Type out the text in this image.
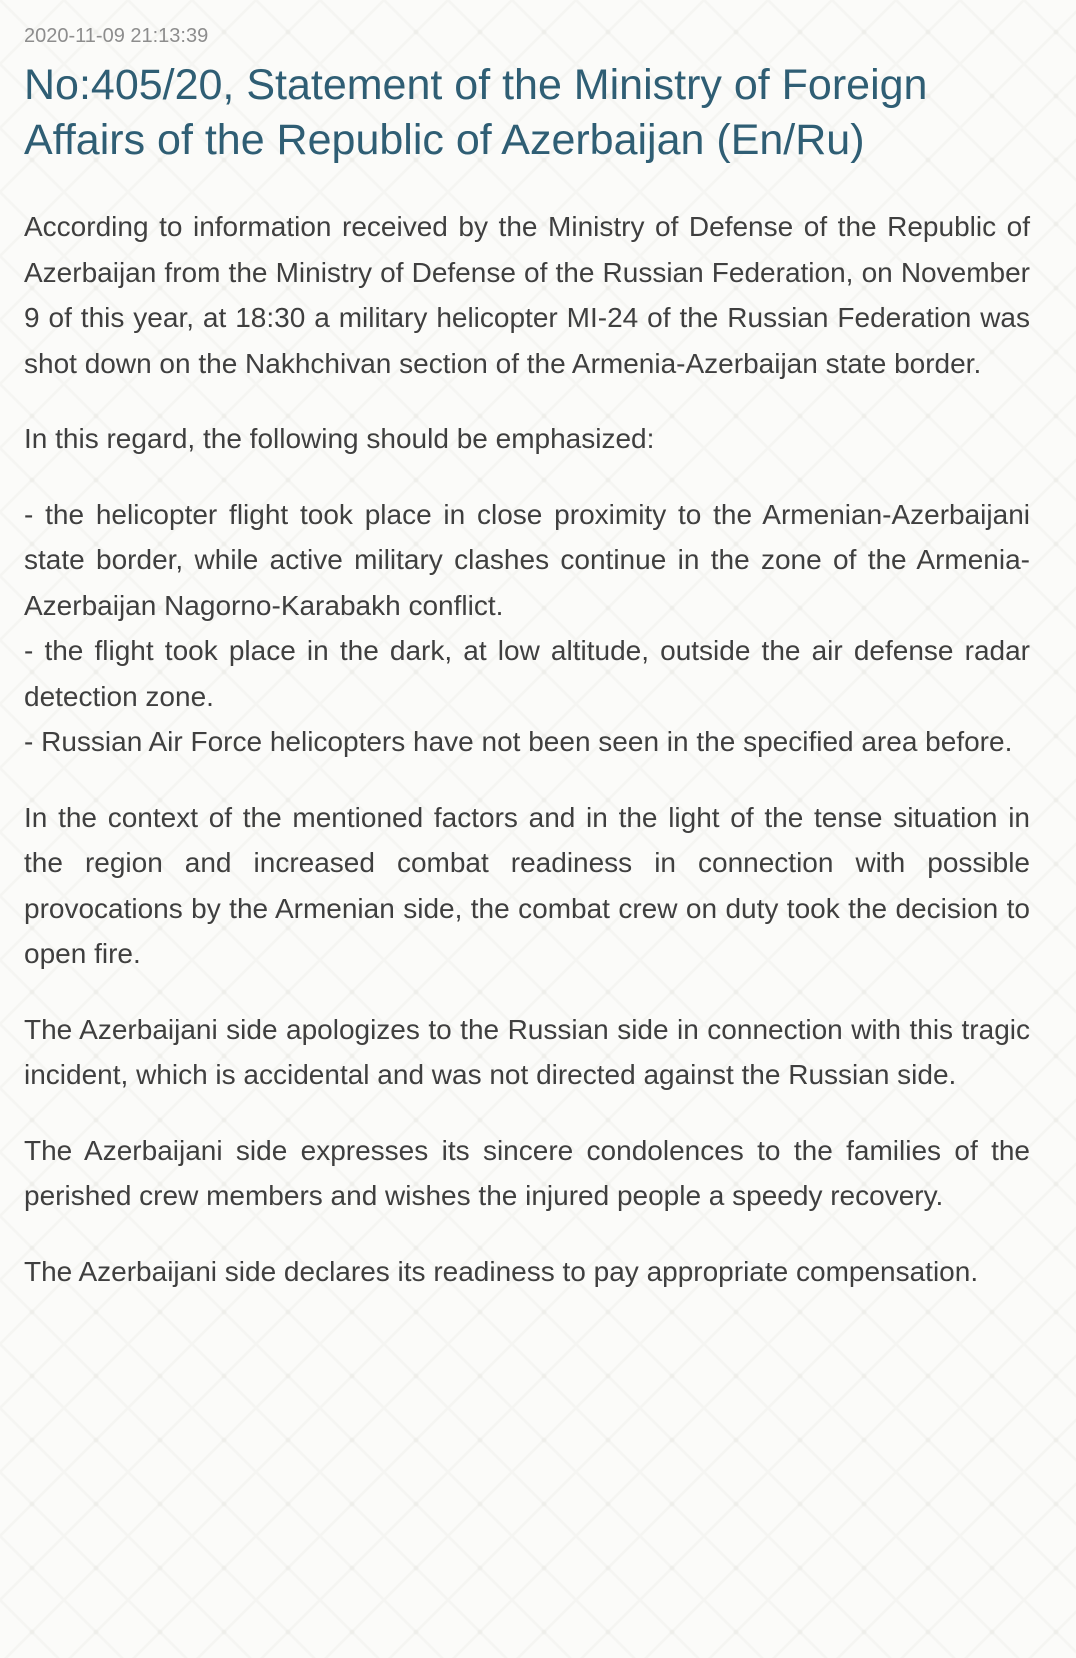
2020-11-09 21:13:39
No:405/20, Statement of the Ministry of Foreign Affairs of the Republic of Azerbaijan (En/Ru)

According to information received by the Ministry of Defense of the Republic of Azerbaijan from the Ministry of Defense of the Russian Federation, on November 9 of this year, at 18:30 a military helicopter MI-24 of the Russian Federation was shot down on the Nakhchivan section of the Armenia-Azerbaijan state border.

In this regard, the following should be emphasized:

- the helicopter flight took place in close proximity to the Armenian-Azerbaijani state border, while active military clashes continue in the zone of the Armenia-Azerbaijan Nagorno-Karabakh conflict.

- the flight took place in the dark, at low altitude, outside the air defense radar detection zone.

- Russian Air Force helicopters have not been seen in the specified area before.

In the context of the mentioned factors and in the light of the tense situation in the region and increased combat readiness in connection with possible provocations by the Armenian side, the combat crew on duty took the decision to open fire.

The Azerbaijani side apologizes to the Russian side in connection with this tragic incident, which is accidental and was not directed against the Russian side.

The Azerbaijani side expresses its sincere condolences to the families of the perished crew members and wishes the injured people a speedy recovery.

The Azerbaijani side declares its readiness to pay appropriate compensation.
